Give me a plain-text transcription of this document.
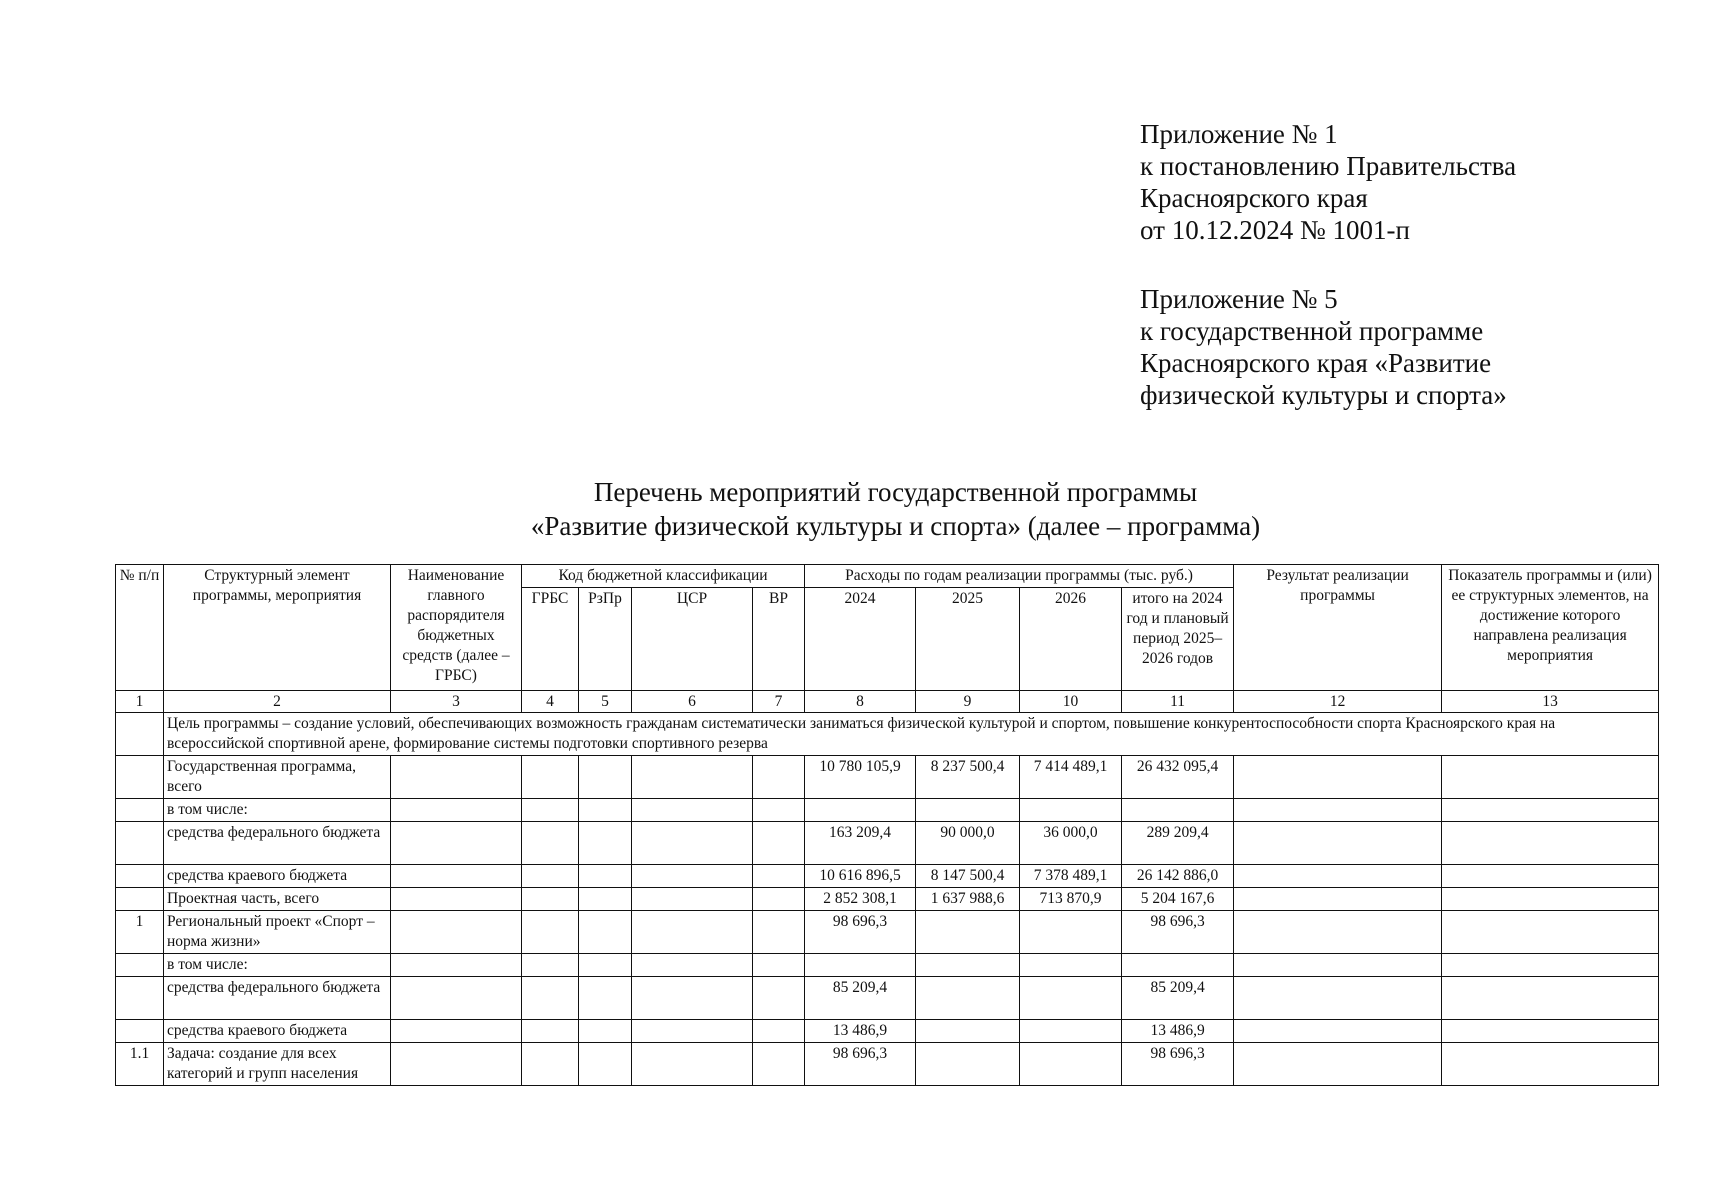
Приложение № 1
к постановлению Правительства
Красноярского края
от 10.12.2024 № 1001-п
Приложение № 5
к государственной программе
Красноярского края «Развитие
физической культуры и спорта»
Перечень мероприятий государственной программы
«Развитие физической культуры и спорта» (далее – программа)
№ п/п	Структурный элемент программы, мероприятия	Наименование главного распорядителя бюджетных средств (далее – ГРБС)	Код бюджетной классификации				Расходы по годам реализации программы (тыс. руб.)				Результат реализации программы	Показатель программы и (или) ее структурных элементов, на достижение которого направлена реализация мероприятия
			ГРБС	РзПр	ЦСР	ВР	2024	2025	2026	итого на 2024 год и плановый период 2025–2026 годов		
1	2	3	4	5	6	7	8	9	10	11	12	13
	Цель программы – создание условий, обеспечивающих возможность гражданам систематически заниматься физической культурой и спортом, повышение конкурентоспособности спорта Красноярского края на всероссийской спортивной арене, формирование системы подготовки спортивного резерва											
	Государственная программа, всего						10 780 105,9	8 237 500,4	7 414 489,1	26 432 095,4		
	в том числе:											
	средства федерального бюджета						163 209,4	90 000,0	36 000,0	289 209,4		
	средства краевого бюджета						10 616 896,5	8 147 500,4	7 378 489,1	26 142 886,0		
	Проектная часть, всего						2 852 308,1	1 637 988,6	713 870,9	5 204 167,6		
1	Региональный проект «Спорт – норма жизни»						98 696,3			98 696,3		
	в том числе:											
	средства федерального бюджета						85 209,4			85 209,4		
	средства краевого бюджета						13 486,9			13 486,9		
1.1	Задача: создание для всех категорий и групп населения						98 696,3			98 696,3		
